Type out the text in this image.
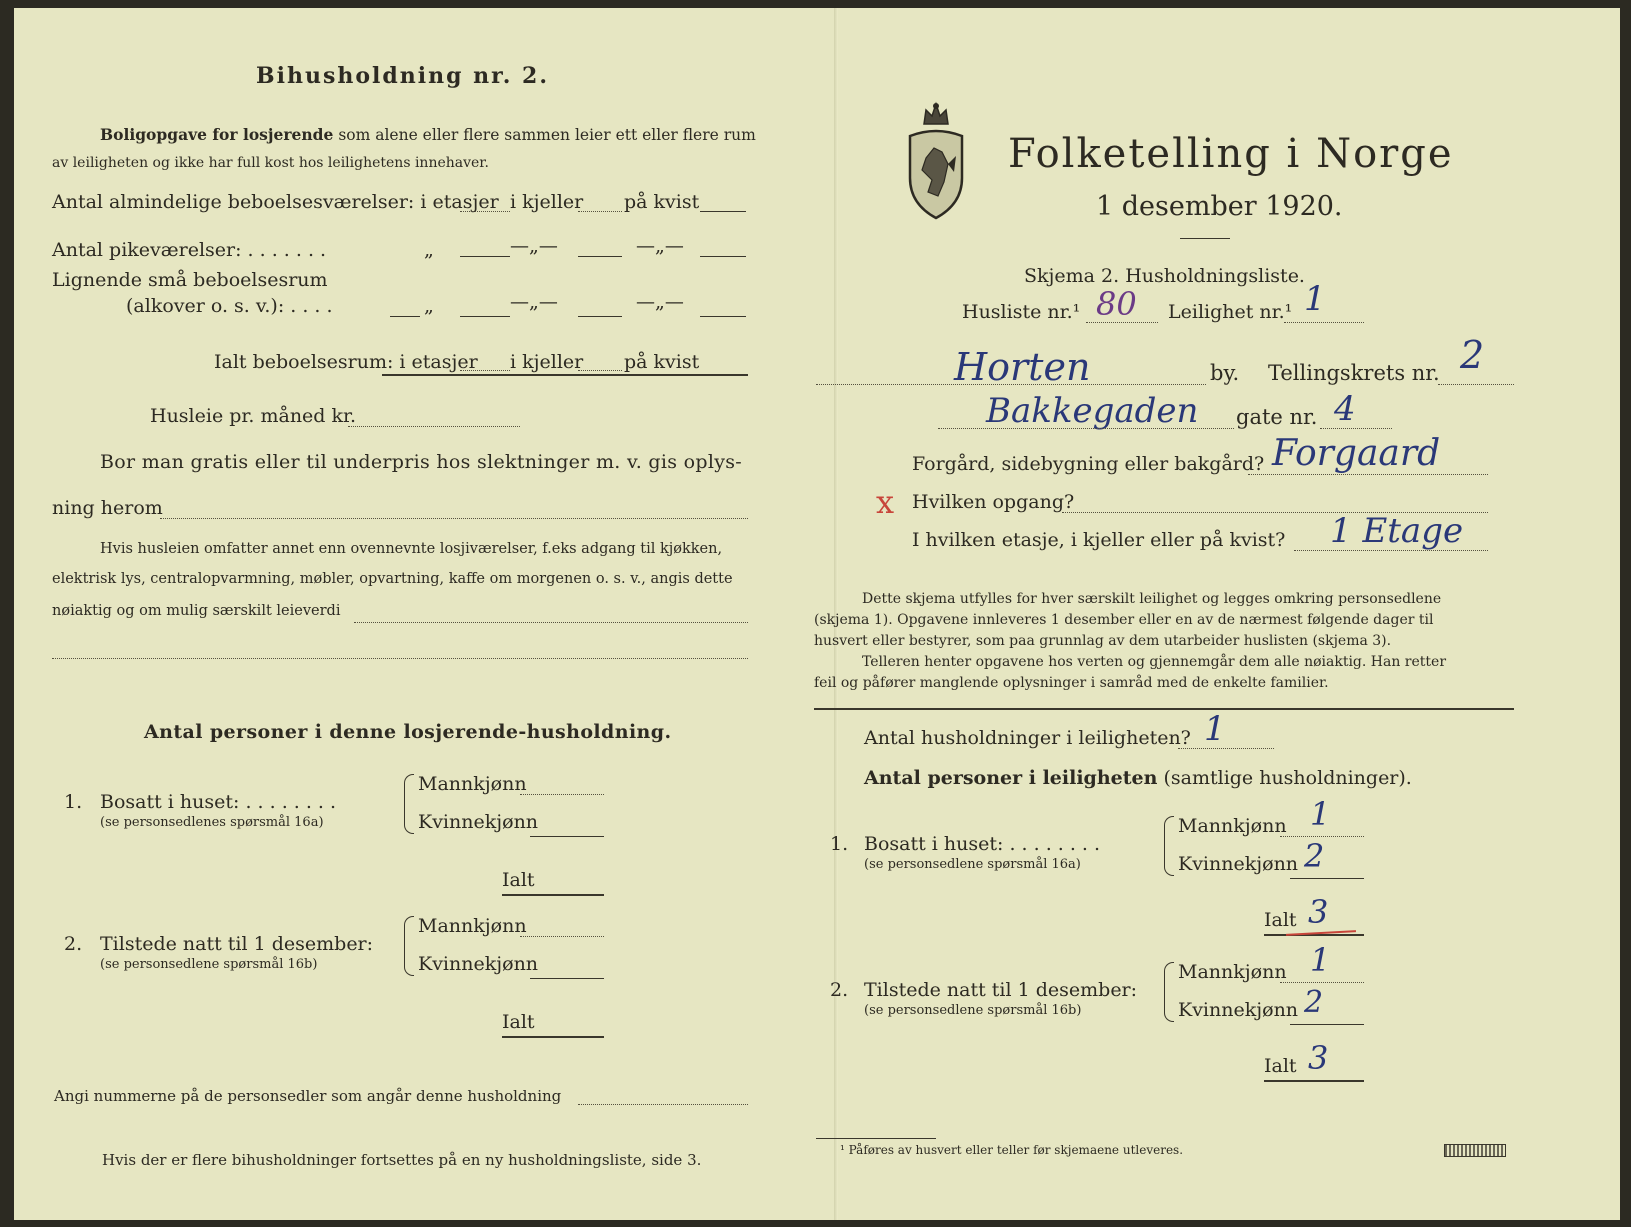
Bihusholdning nr. 2.
Boligopgave for losjerende som alene eller flere sammen leier ett eller flere rum
av leiligheten og ikke har full kost hos leilighetens innehaver.
Antal almindelige beboelsesværelser: i etasjer i kjeller på kvist
Antal pikeværelser: . . . . . . .	„	—„—	—„—
Lignende små beboelsesrum
(alkover o. s. v.): . . . .	„	—„—	—„—
Ialt beboelsesrum: i etasjer i kjeller på kvist
Husleie pr. måned kr.
Bor man gratis eller til underpris hos slektninger m. v. gis oplys-
ning herom
Hvis husleien omfatter annet enn ovennevnte losjiværelser, f.eks adgang til kjøkken,
elektrisk lys, centralopvarmning, møbler, opvartning, kaffe om morgenen o. s. v., angis dette
nøiaktig og om mulig særskilt leieverdi
Antal personer i denne losjerende-husholdning.
1. Bosatt i huset: . . . . . . . .
(se personsedlenes spørsmål 16a)
Mannkjønn
Kvinnekjønn
Ialt
2. Tilstede natt til 1 desember:
(se personsedlene spørsmål 16b)
Mannkjønn
Kvinnekjønn
Ialt
Angi nummerne på de personsedler som angår denne husholdning
Hvis der er flere bihusholdninger fortsettes på en ny husholdningsliste, side 3.
Folketelling i Norge
1 desember 1920.
Skjema 2. Husholdningsliste.
Husliste nr.¹ 80 Leilighet nr.¹ 1
Horten	by. Tellingskrets nr. 2
Bakkegaden gate nr. 4
Forgård, sidebygning eller bakgård? Forgaard
x Hvilken opgang?
I hvilken etasje, i kjeller eller på kvist? 1 Etage
Dette skjema utfylles for hver særskilt leilighet og legges omkring personsedlene
(skjema 1). Opgavene innleveres 1 desember eller en av de nærmest følgende dager til
husvert eller bestyrer, som paa grunnlag av dem utarbeider huslisten (skjema 3).
Telleren henter opgavene hos verten og gjennemgår dem alle nøiaktig. Han retter
feil og påfører manglende oplysninger i samråd med de enkelte familier.
Antal husholdninger i leiligheten? 1
Antal personer i leiligheten (samtlige husholdninger).
1. Bosatt i huset: . . . . . . . .
(se personsedlene spørsmål 16a)
Mannkjønn 1
Kvinnekjønn 2
Ialt 3
2. Tilstede natt til 1 desember:
(se personsedlene spørsmål 16b)
Mannkjønn 1
Kvinnekjønn 2
Ialt 3
¹ Påføres av husvert eller teller før skjemaene utleveres.
